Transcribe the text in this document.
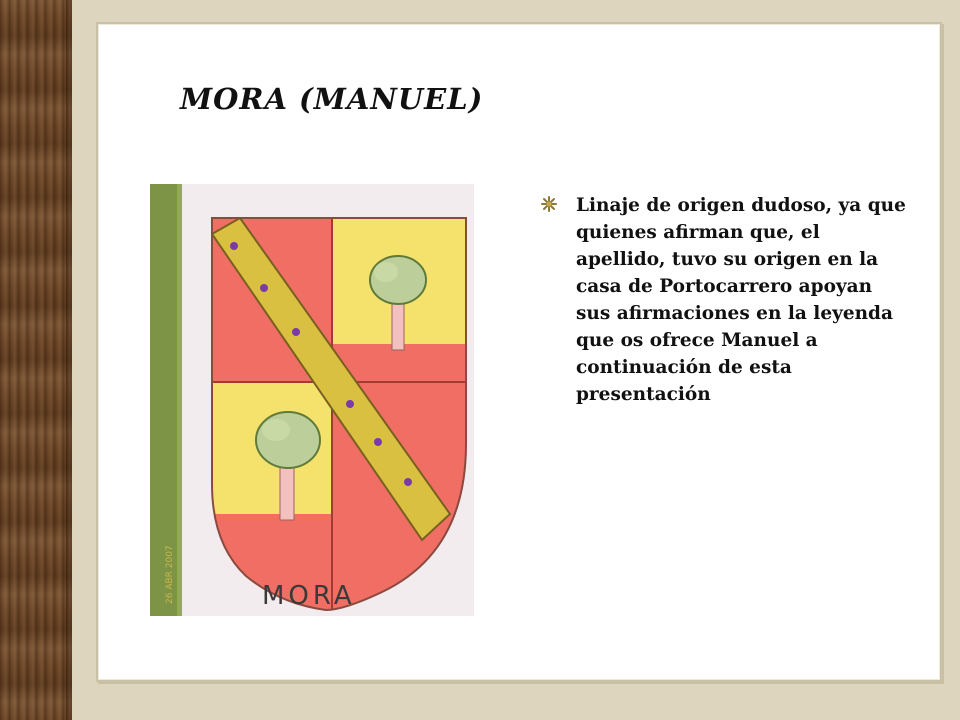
MORA (MANUEL)
MORA
26 ABR 2007

Linaje de origen dudoso, ya que quienes afirman que, el apellido, tuvo su origen en la casa de Portocarrero apoyan sus afirmaciones en la leyenda que os ofrece Manuel a continuación de esta presentación
